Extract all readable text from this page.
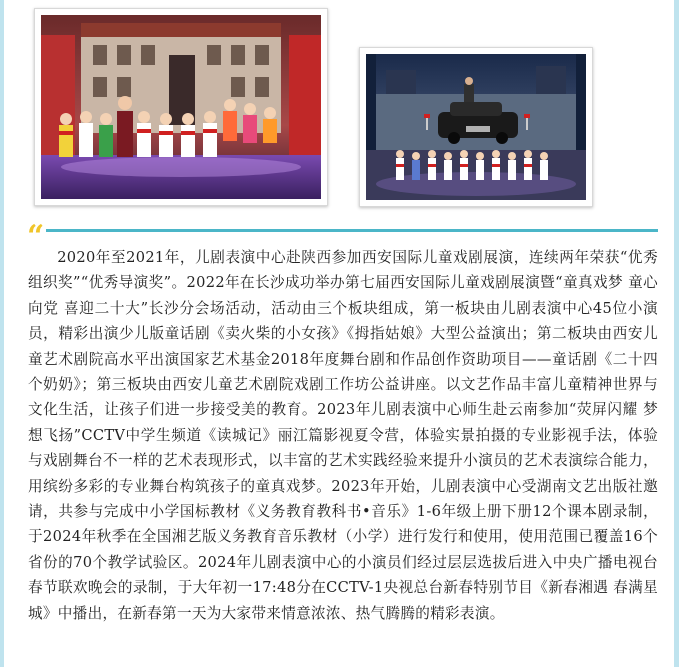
“

2020年至2021年，儿剧表演中心赴陕西参加西安国际儿童戏剧展演，连续两年荣获“优秀组织奖”“优秀导演奖”。2022年在长沙成功举办第七届西安国际儿童戏剧展演暨“童真戏梦 童心向党 喜迎二十大”长沙分会场活动，活动由三个板块组成，第一板块由儿剧表演中心45位小演员，精彩出演少儿版童话剧《卖火柴的小女孩》《拇指姑娘》大型公益演出；第二板块由西安儿童艺术剧院高水平出演国家艺术基金2018年度舞台剧和作品创作资助项目——童话剧《二十四个奶奶》；第三板块由西安儿童艺术剧院戏剧工作坊公益讲座。以文艺作品丰富儿童精神世界与文化生活，让孩子们进一步接受美的教育。2023年儿剧表演中心师生赴云南参加“荧屏闪耀 梦想飞扬”CCTV中学生频道《读城记》丽江篇影视夏令营，体验实景拍摄的专业影视手法，体验与戏剧舞台不一样的艺术表现形式，以丰富的艺术实践经验来提升小演员的艺术表演综合能力，用缤纷多彩的专业舞台构筑孩子的童真戏梦。2023年开始，儿剧表演中心受湖南文艺出版社邀请，共参与完成中小学国标教材《义务教育教科书•音乐》1-6年级上册下册12个课本剧录制，于2024年秋季在全国湘艺版义务教育音乐教材（小学）进行发行和使用，使用范围已覆盖16个省份的70个教学试验区。2024年儿剧表演中心的小演员们经过层层选拔后进入中央广播电视台春节联欢晚会的录制，于大年初一17:48分在CCTV-1央视总台新春特别节目《新春湘遇 春满星城》中播出，在新春第一天为大家带来情意浓浓、热气腾腾的精彩表演。
